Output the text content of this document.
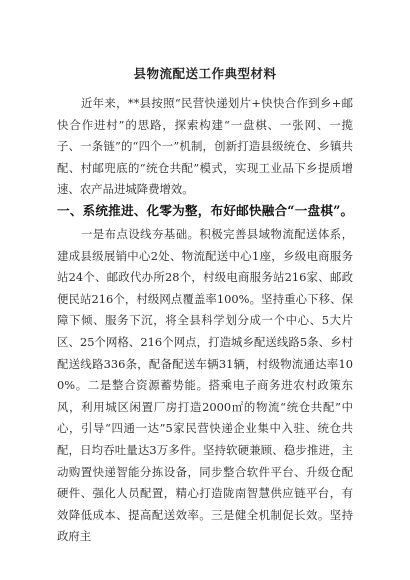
县物流配送工作典型材料
近年来，**县按照“民营快递划片+快快合作到乡+邮快合作进村”的思路，探索构建“一盘棋、一张网、一揽子、一条链”的“四个一”机制，创新打造县级统仓、乡镇共配、村邮兜底的“统仓共配”模式，实现工业品下乡提质增速、农产品进城降费增效。
一、系统推进、化零为整，布好邮快融合“一盘棋”。
一是布点设线夯基础。积极完善县域物流配送体系，建成县级展销中心2处、物流配送中心1座，乡级电商服务站24个、邮政代办所28个，村级电商服务站216家、邮政便民站216个，村级网点覆盖率100%。坚持重心下移、保障下倾、服务下沉，将全县科学划分成一个中心、5大片区、25个网格、216个网点，打造城乡配送线路5条、乡村配送线路336条，配备配送车辆31辆，村级物流通达率100%。二是整合资源蓄势能。搭乘电子商务进农村政策东风，利用城区闲置厂房打造2000㎡的物流“统仓共配”中心，引导“四通一达”5家民营快递企业集中入驻、统仓共配，日均吞吐量达3万多件。坚持软硬兼顾、稳步推进，主动购置快递智能分拣设备，同步整合软件平台、升级仓配硬件、强化人员配置，精心打造陇南智慧供应链平台，有效降低成本、提高配送效率。三是健全机制促长效。坚持政府主
